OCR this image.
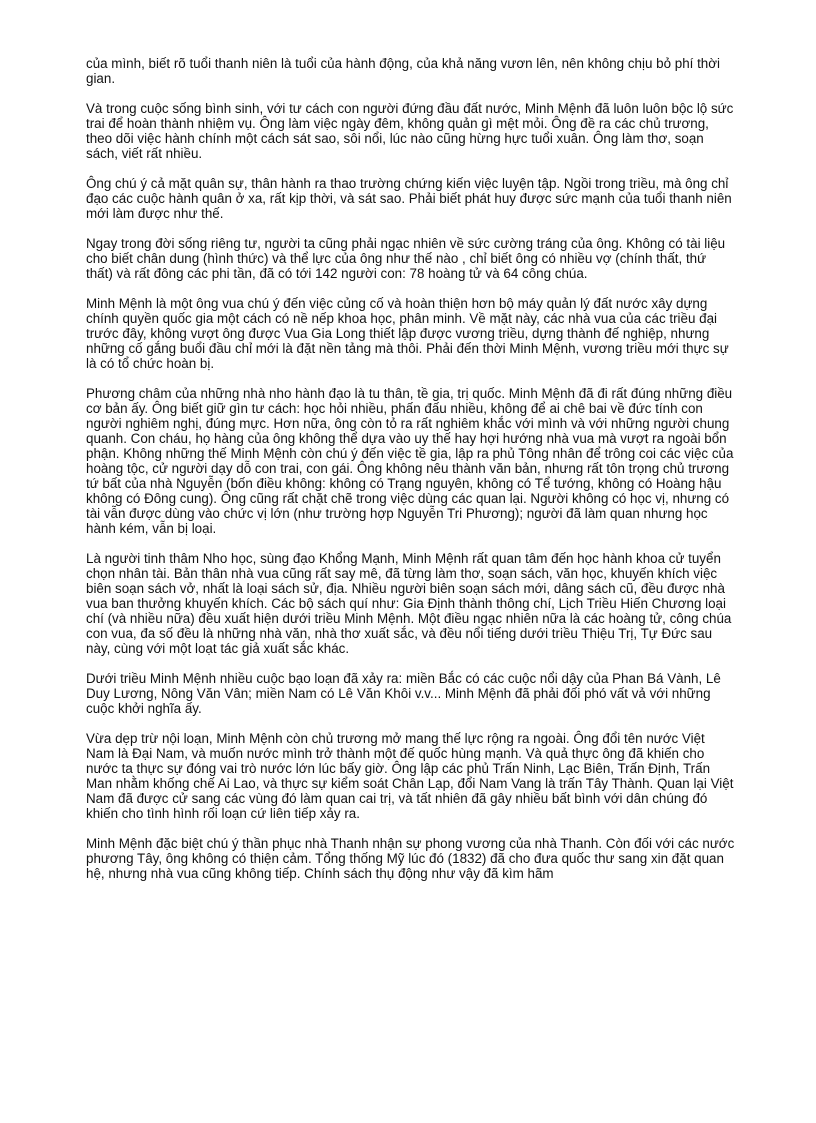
của mình, biết rõ tuổi thanh niên là tuổi của hành động, của khả năng vươn lên, nên không chịu bỏ phí thời gian.

Và trong cuộc sống bình sinh, với tư cách con người đứng đầu đất nước, Minh Mệnh đã luôn luôn bộc lộ sức trai để hoàn thành nhiệm vụ. Ông làm việc ngày đêm, không quản gì mệt mỏi. Ông đề ra các chủ trương, theo dõi việc hành chính một cách sát sao, sôi nổi, lúc nào cũng hừng hực tuổi xuân. Ông làm thơ, soạn sách, viết rất nhiều.

Ông chú ý cả mặt quân sự, thân hành ra thao trường chứng kiến việc luyện tập. Ngồi trong triều, mà ông chỉ đạo các cuộc hành quân ở xa, rất kịp thời, và sát sao. Phải biết phát huy được sức mạnh của tuổi thanh niên mới làm được như thế.

Ngay trong đời sống riêng tư, người ta cũng phải ngạc nhiên về sức cường tráng của ông. Không có tài liệu cho biết chân dung (hình thức) và thể lực của ông như thế nào , chỉ biết ông có nhiều vợ (chính thất, thứ thất) và rất đông các phi tần, đã có tới 142 người con: 78 hoàng tử và 64 công chúa.

Minh Mệnh là một ông vua chú ý đến việc củng cố và hoàn thiện hơn bộ máy quản lý đất nước xây dựng chính quyền quốc gia một cách có nề nếp khoa học, phân minh. Về mặt này, các nhà vua của các triều đại trước đây, không vượt ông được Vua Gia Long thiết lập được vương triều, dựng thành đế nghiệp, nhưng những cố gắng buổi đầu chỉ mới là đặt nền tảng mà thôi. Phải đến thời Minh Mệnh, vương triều mới thực sự là có tổ chức hoàn bị.

Phương châm của những nhà nho hành đạo là tu thân, tề gia, trị quốc. Minh Mệnh đã đi rất đúng những điều cơ bản ấy. Ông biết giữ gìn tư cách: học hỏi nhiều, phấn đấu nhiều, không để ai chê bai về đức tính con người nghiêm nghị, đúng mực. Hơn nữa, ông còn tỏ ra rất nghiêm khắc với mình và với những người chung quanh. Con cháu, họ hàng của ông không thể dựa vào uy thế hay hợi hướng nhà vua mà vượt ra ngoài bổn phận. Không những thế Minh Mệnh còn chú ý đến việc tề gia, lập ra phủ Tông nhân để trông coi các việc của hoàng tộc, cử người dạy dỗ con trai, con gái. Ông không nêu thành văn bản, nhưng rất tôn trọng chủ trương tứ bất của nhà Nguyễn (bốn điều không: không có Trạng nguyên, không có Tể tướng, không có Hoàng hậu không có Đông cung). Ông cũng rất chặt chẽ trong việc dùng các quan lại. Người không có học vị, nhưng có tài vẫn được dùng vào chức vị lớn (như trường hợp Nguyễn Tri Phương); người đã làm quan nhưng học hành kém, vẫn bị loại.

Là người tinh thâm Nho học, sùng đạo Khổng Mạnh, Minh Mệnh rất quan tâm đến học hành khoa cử tuyển chọn nhân tài. Bản thân nhà vua cũng rất say mê, đã từng làm thơ, soạn sách, văn học, khuyến khích việc biên soạn sách vở, nhất là loại sách sử, địa. Nhiều người biên soạn sách mới, dâng sách cũ, đều được nhà vua ban thưởng khuyến khích. Các bộ sách quí như: Gia Định thành thông chí, Lịch Triều Hiến Chương loại chí (và nhiều nữa) đều xuất hiện dưới triều Minh Mệnh. Một điều ngạc nhiên nữa là các hoàng tử, công chúa con vua, đa số đều là những nhà văn, nhà thơ xuất sắc, và đều nổi tiếng dưới triều Thiệu Trị, Tự Đức sau này, cùng với một loạt tác giả xuất sắc khác.

Dưới triều Minh Mệnh nhiều cuộc bạo loạn đã xảy ra: miền Bắc có các cuộc nổi dậy của Phan Bá Vành, Lê Duy Lương, Nông Văn Vân; miền Nam có Lê Văn Khôi v.v... Minh Mệnh đã phải đối phó vất vả với những cuộc khởi nghĩa ấy.

Vừa dẹp trừ nội loạn, Minh Mệnh còn chủ trương mở mang thế lực rộng ra ngoài. Ông đổi tên nước Việt Nam là Đại Nam, và muốn nước mình trở thành một đế quốc hùng mạnh. Và quả thực ông đã khiến cho nước ta thực sự đóng vai trò nước lớn lúc bấy giờ. Ông lập các phủ Trấn Ninh, Lạc Biên, Trấn Định, Trấn Man nhằm khống chế Ai Lao, và thực sự kiểm soát Chân Lạp, đổi Nam Vang là trấn Tây Thành. Quan lại Việt Nam đã được cử sang các vùng đó làm quan cai trị, và tất nhiên đã gây nhiều bất bình với dân chúng đó khiến cho tình hình rối loạn cứ liên tiếp xảy ra.

Minh Mệnh đặc biệt chú ý thần phục nhà Thanh nhận sự phong vương của nhà Thanh. Còn đối với các nước phương Tây, ông không có thiện cảm. Tổng thống Mỹ lúc đó (1832) đã cho đưa quốc thư sang xin đặt quan hệ, nhưng nhà vua cũng không tiếp. Chính sách thụ động như vậy đã kìm hãm
